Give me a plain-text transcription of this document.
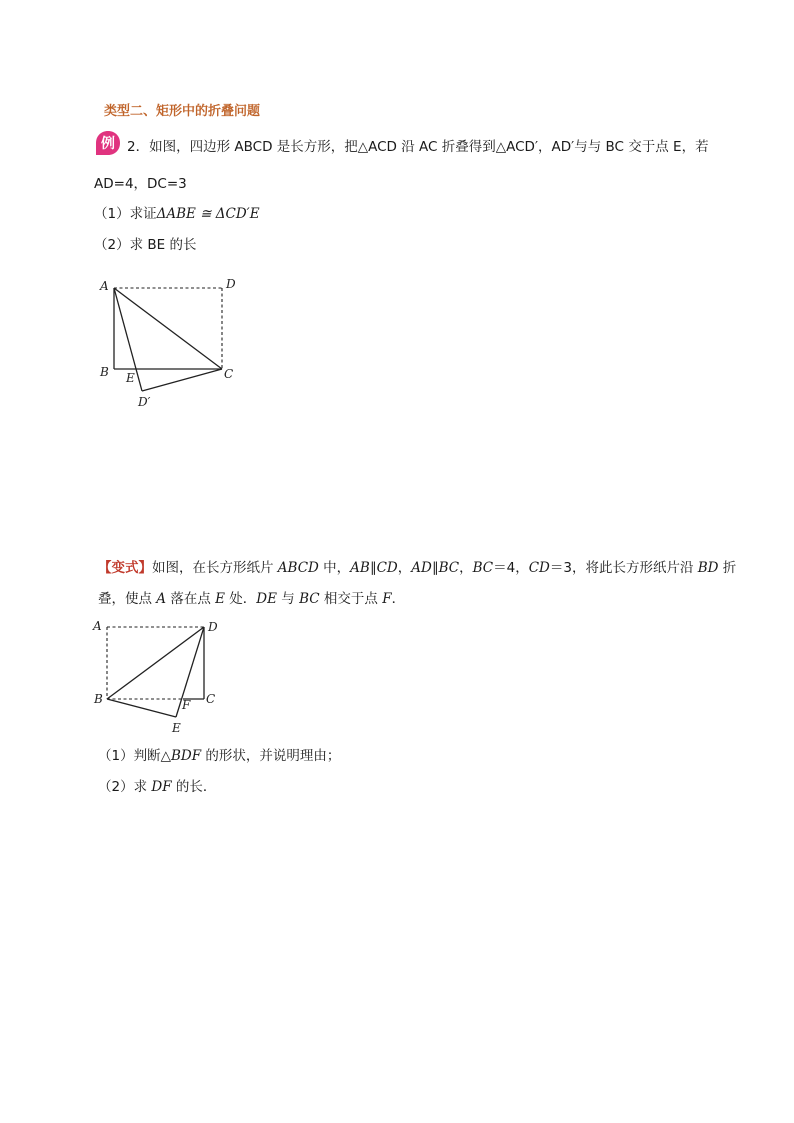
类型二、矩形中的折叠问题
例 2．如图，四边形 ABCD 是长方形，把△ACD 沿 AC 折叠得到△ACD′，AD′与与 BC 交于点 E，若
AD=4，DC=3
（1）求证ΔABE ≅ ΔCD′E
（2）求 BE 的长
A	D
B E	C
D′
【变式】如图，在长方形纸片 ABCD 中，AB∥CD，AD∥BC，BC＝4，CD＝3，将此长方形纸片沿 BD 折
叠，使点 A 落在点 E 处．DE 与 BC 相交于点 F．
A	D
B	C
F
E
（1）判断△BDF 的形状，并说明理由；
（2）求 DF 的长．
